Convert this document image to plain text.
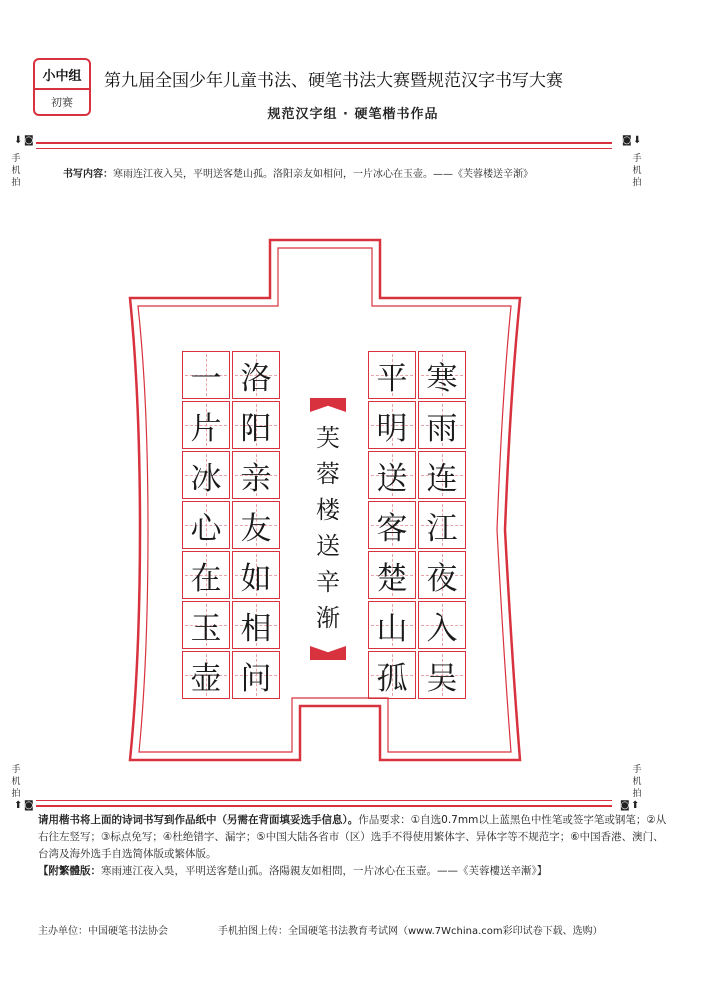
小中组
初赛
第九届全国少年儿童书法、硬笔书法大赛暨规范汉字书写大赛
规范汉字组 · 硬笔楷书作品
⬇ ◙
手机拍
◙ ⬇
手机拍
书写内容：寒雨连江夜入吴，平明送客楚山孤。洛阳亲友如相问，一片冰心在玉壶。——《芙蓉楼送辛渐》
平
明
送
客
楚
山
孤
寒
雨
连
江
夜
入
吴
芙蓉楼送辛渐
一
片
冰
心
在
玉
壶
洛
阳
亲
友
如
相
问
手机拍
⬆ ◙
手机拍
◙ ⬆
请用楷书将上面的诗词书写到作品纸中（另需在背面填妥选手信息）。作品要求：①自选0.7mm以上蓝黑色中性笔或签字笔或钢笔；②从右往左竖写；③标点免写；④杜绝错字、漏字；⑤中国大陆各省市（区）选手不得使用繁体字、异体字等不规范字；⑥中国香港、澳门、台湾及海外选手自选简体版或繁体版。
【附繁體版：寒雨連江夜入吳，平明送客楚山孤。洛陽親友如相問，一片冰心在玉壺。——《芙蓉樓送辛漸》】
主办单位：中国硬笔书法协会	手机拍图上传：全国硬笔书法教育考试网（www.7Wchina.com彩印试卷下载、选购）
